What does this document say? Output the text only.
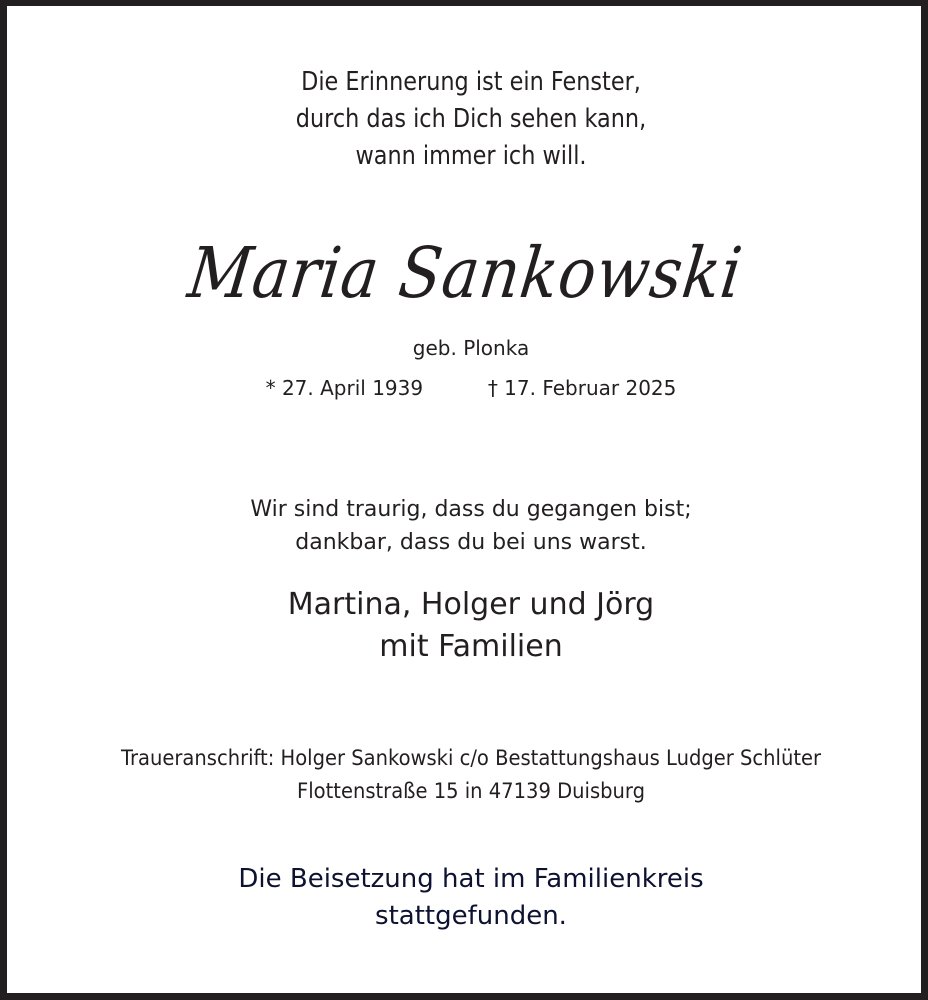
Die Erinnerung ist ein Fenster,
durch das ich Dich sehen kann,
wann immer ich will.
Maria Sankowski
geb. Plonka
* 27. April 1939	† 17. Februar 2025
Wir sind traurig, dass du gegangen bist;
dankbar, dass du bei uns warst.
Martina, Holger und Jörg
mit Familien
Traueranschrift: Holger Sankowski c/o Bestattungshaus Ludger Schlüter
Flottenstraße 15 in 47139 Duisburg
Die Beisetzung hat im Familienkreis
stattgefunden.
